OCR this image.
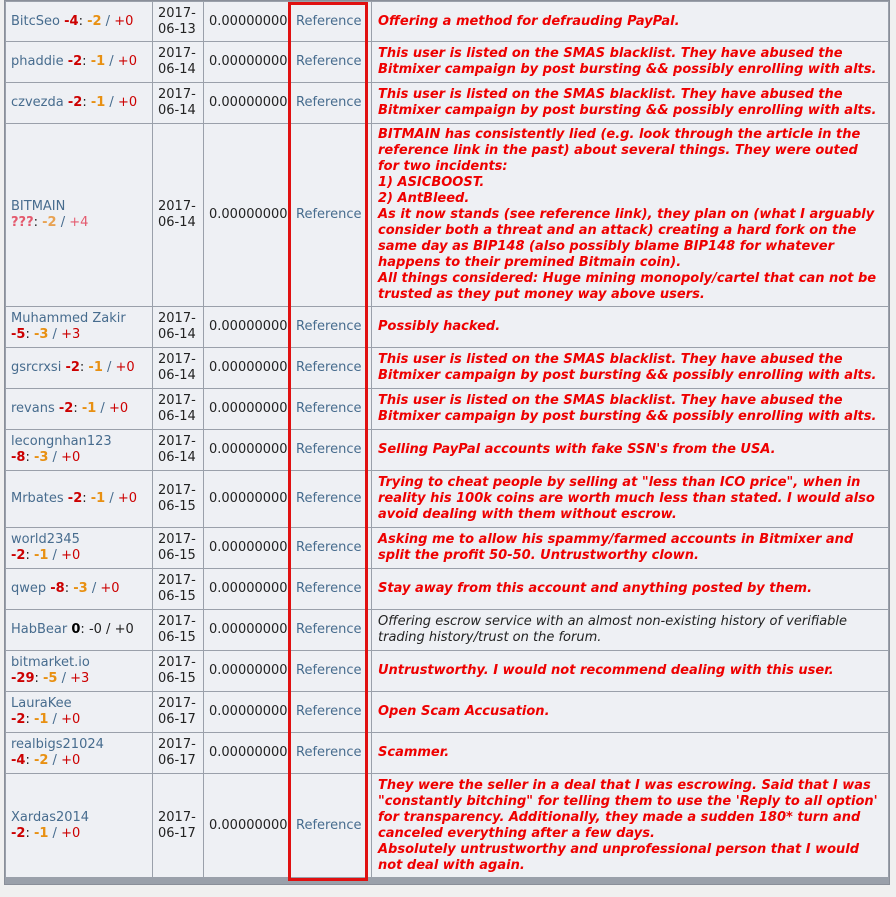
BitcSeo -4: -2 / +0	2017-06-13	0.00000000	Reference	Offering a method for defrauding PayPal.
phaddie -2: -1 / +0	2017-06-14	0.00000000	Reference	This user is listed on the SMAS blacklist. They have abused the Bitmixer campaign by post bursting && possibly enrolling with alts.
czvezda -2: -1 / +0	2017-06-14	0.00000000	Reference	This user is listed on the SMAS blacklist. They have abused the Bitmixer campaign by post bursting && possibly enrolling with alts.
BITMAIN
???: -2 / +4	2017-06-14	0.00000000	Reference	BITMAIN has consistently lied (e.g. look through the article in the reference link in the past) about several things. They were outed for two incidents:
1) ASICBOOST.
2) AntBleed.
As it now stands (see reference link), they plan on (what I arguably consider both a threat and an attack) creating a hard fork on the same day as BIP148 (also possibly blame BIP148 for whatever happens to their premined Bitmain coin).
All things considered: Huge mining monopoly/cartel that can not be trusted as they put money way above users.
Muhammed Zakir
-5: -3 / +3	2017-06-14	0.00000000	Reference	Possibly hacked.
gsrcrxsi -2: -1 / +0	2017-06-14	0.00000000	Reference	This user is listed on the SMAS blacklist. They have abused the Bitmixer campaign by post bursting && possibly enrolling with alts.
revans -2: -1 / +0	2017-06-14	0.00000000	Reference	This user is listed on the SMAS blacklist. They have abused the Bitmixer campaign by post bursting && possibly enrolling with alts.
lecongnhan123
-8: -3 / +0	2017-06-14	0.00000000	Reference	Selling PayPal accounts with fake SSN's from the USA.
Mrbates -2: -1 / +0	2017-06-15	0.00000000	Reference	Trying to cheat people by selling at "less than ICO price", when in reality his 100k coins are worth much less than stated. I would also avoid dealing with them without escrow.
world2345
-2: -1 / +0	2017-06-15	0.00000000	Reference	Asking me to allow his spammy/farmed accounts in Bitmixer and split the profit 50-50. Untrustworthy clown.
qwep -8: -3 / +0	2017-06-15	0.00000000	Reference	Stay away from this account and anything posted by them.
HabBear 0: -0 / +0	2017-06-15	0.00000000	Reference	Offering escrow service with an almost non-existing history of verifiable trading history/trust on the forum.
bitmarket.io
-29: -5 / +3	2017-06-15	0.00000000	Reference	Untrustworthy. I would not recommend dealing with this user.
LauraKee
-2: -1 / +0	2017-06-17	0.00000000	Reference	Open Scam Accusation.
realbigs21024
-4: -2 / +0	2017-06-17	0.00000000	Reference	Scammer.
Xardas2014
-2: -1 / +0	2017-06-17	0.00000000	Reference	They were the seller in a deal that I was escrowing. Said that I was "constantly bitching" for telling them to use the 'Reply to all option' for transparency. Additionally, they made a sudden 180* turn and canceled everything after a few days.
Absolutely untrustworthy and unprofessional person that I would not deal with again.
